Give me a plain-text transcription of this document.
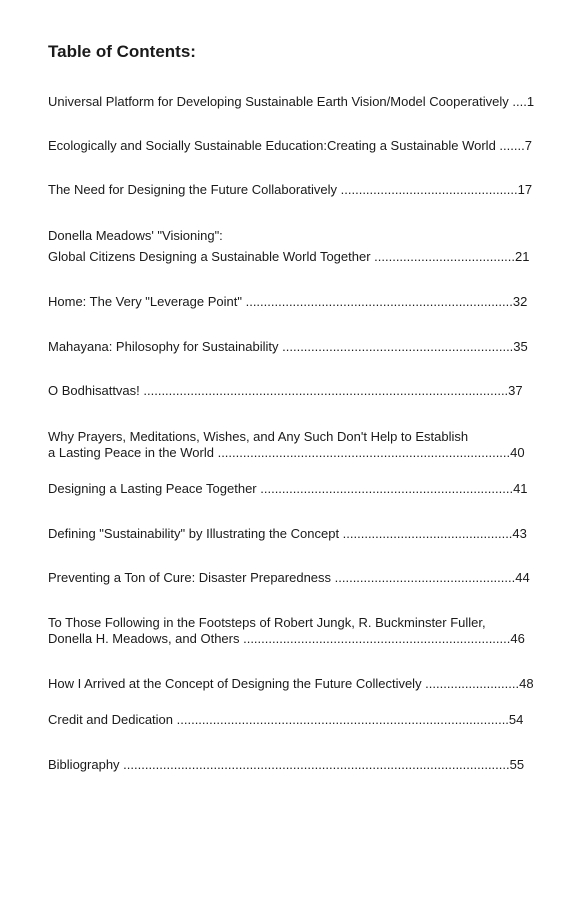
Table of Contents:
Universal Platform for Developing Sustainable Earth Vision/Model Cooperatively ....1
Ecologically and Socially Sustainable Education:Creating a Sustainable World .......7
The Need for Designing the Future Collaboratively .................................................17
Donella Meadows' "Visioning":
Global Citizens Designing a Sustainable World Together .......................................21
Home: The Very "Leverage Point" ..........................................................................32
Mahayana: Philosophy for Sustainability ................................................................35
O Bodhisattvas! .....................................................................................................37
Why Prayers, Meditations, Wishes, and Any Such Don't Help to Establish
a Lasting Peace in the World .................................................................................40
Designing a Lasting Peace Together ......................................................................41
Defining "Sustainability" by Illustrating the Concept ...............................................43
Preventing a Ton of Cure: Disaster Preparedness ..................................................44
To Those Following in the Footsteps of Robert Jungk, R. Buckminster Fuller,
Donella H. Meadows, and Others ..........................................................................46
How I Arrived at the Concept of Designing the Future Collectively ..........................48
Credit and Dedication ............................................................................................54
Bibliography ...........................................................................................................55
